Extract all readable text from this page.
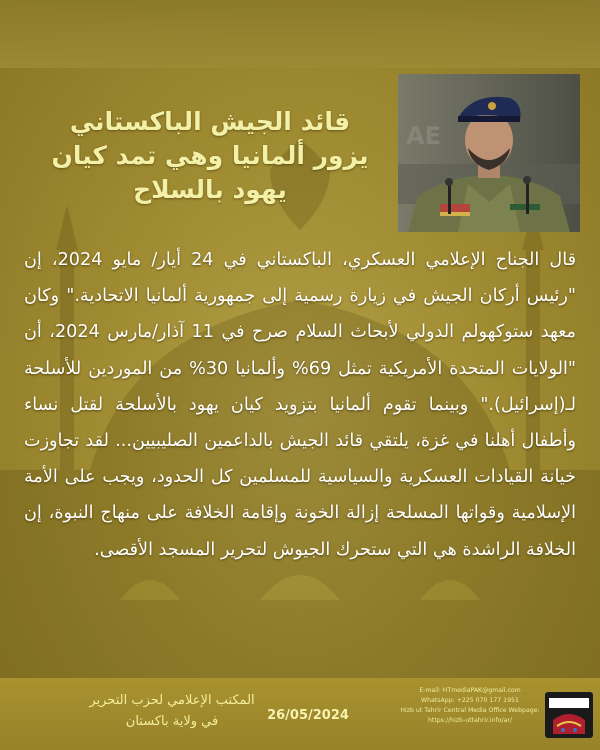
AE
قائد الجيش الباكستاني
يزور ألمانيا وهي تمد كيان
يهود بالسلاح
قال الجناح الإعلامي العسكري، الباكستاني في 24 أيار/ مايو 2024، إن "رئيس أركان الجيش في زيارة رسمية إلى جمهورية ألمانيا الاتحادية." وكان معهد ستوكهولم الدولي لأبحاث السلام صرح في 11 آذار/مارس 2024، أن "الولايات المتحدة الأمريكية تمثل 69% وألمانيا 30% من الموردين للأسلحة لـ(إسرائيل)." وبينما تقوم ألمانيا بتزويد كيان يهود بالأسلحة لقتل نساء وأطفال أهلنا في غزة، يلتقي قائد الجيش بالداعمين الصليبيين... لقد تجاوزت خيانة القيادات العسكرية والسياسية للمسلمين كل الحدود، ويجب على الأمة الإسلامية وقواتها المسلحة إزالة الخونة وإقامة الخلافة على منهاج النبوة، إن الخلافة الراشدة هي التي ستحرك الجيوش لتحرير المسجد الأقصى.
المكتب الإعلامي لحزب التحرير
في ولاية باكستان	26/05/2024
E-mail: HTmediaPAK@gmail.com
WhatsApp: +225 070 177 1951
Hizb ut Tahrir Central Media Office Webpage:
https://hizb-uttahrir.info/ar/
